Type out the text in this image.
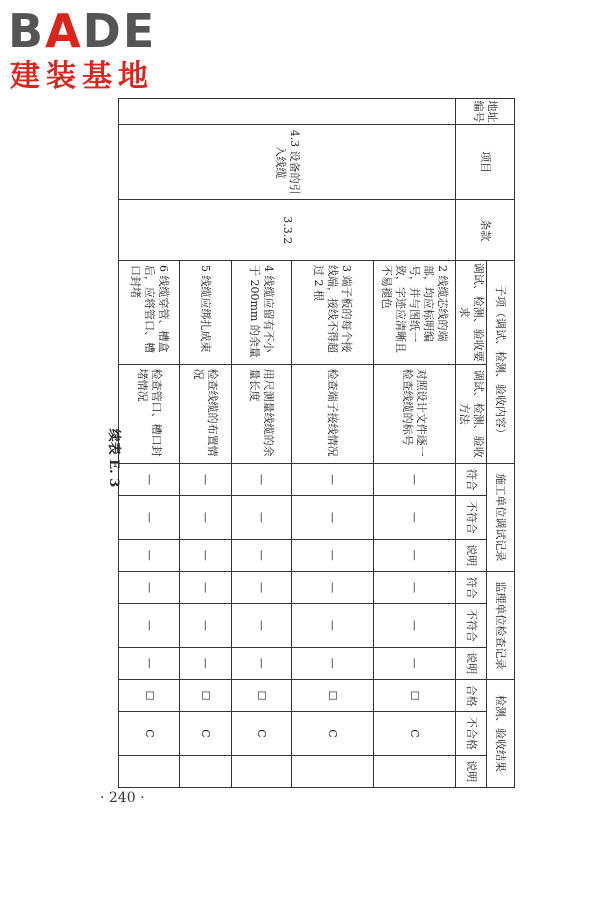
BADE
建装基地
地址编号	项目	条款	子项（调试、检测、验收内容）		施工单位调试记录			监理单位检查记录			检测、验收结果		
			调试、检测、验收要求	调试、检测、验收方法									
					符合	不符合	说明	符合	不符合	说明	合格	不合格	说明
	4.3 设备的引入线缆	3.3.2	2 线缆芯线的端部，均应标明编号，并与图纸一致，字迹应清晰且不易褪色	对照设计文件逐一检查线缆的标号	—	—	—	—	—	—	☐	C	
			3 端子板的每个接线端，接线不得超过 2 根	检查端子接线情况	—	—	—	—	—	—	☐	C	
			4 线缆应留有不小于 200mm 的余量	用尺测量线缆的余量长度	—	—	—	—	—	—	☐	C	
			5 线缆应绑扎成束	检查线缆的布置情况	—	—	—	—	—	—	☐	C	
			6 线缆穿管、槽盒后，应将管口、槽口封堵	检查管口、槽口封堵情况	—	—	—	—	—	—	☐	C	
续表 E. 3
· 240 ·
